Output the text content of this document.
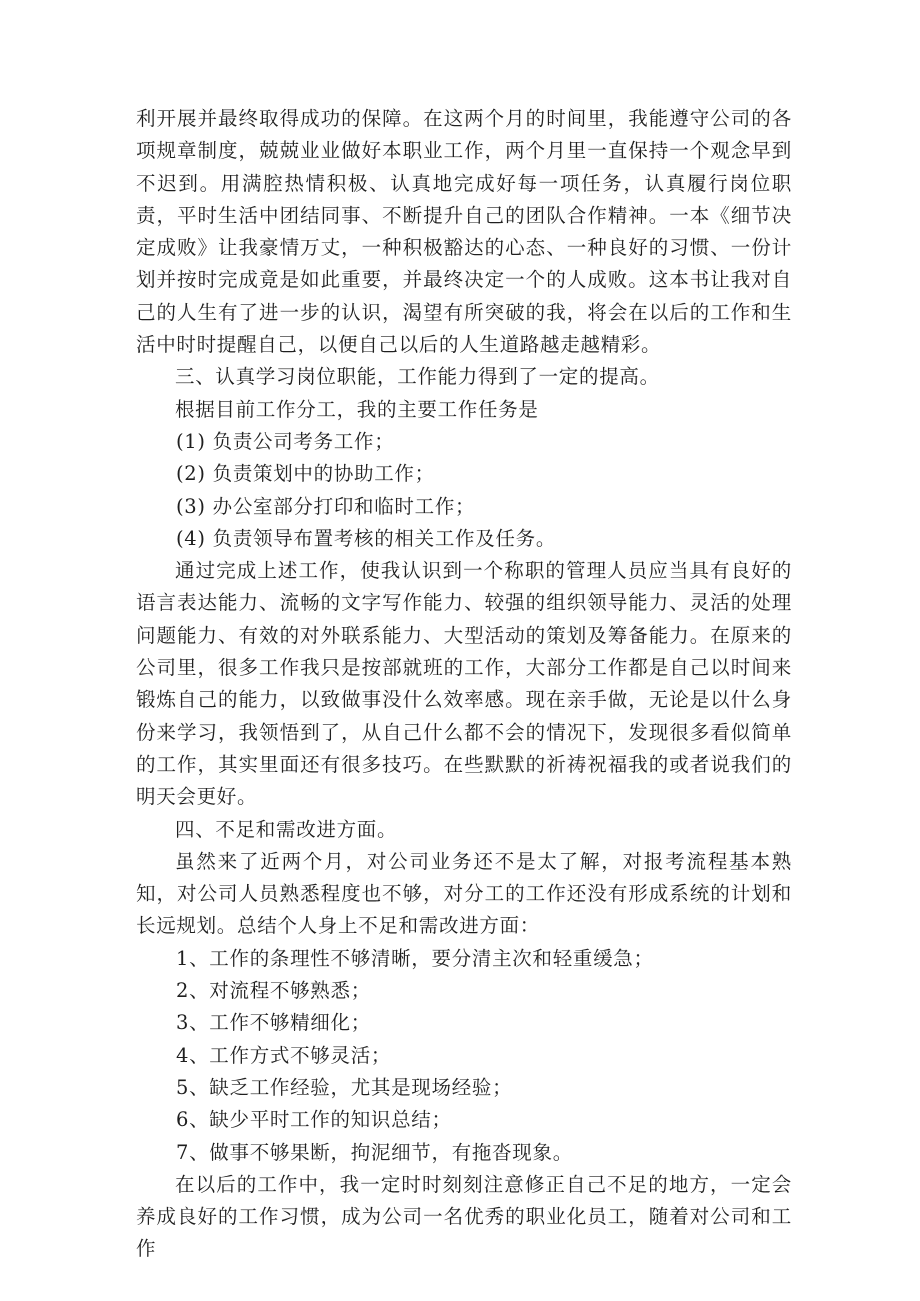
利开展并最终取得成功的保障。在这两个月的时间里，我能遵守公司的各项规章制度，兢兢业业做好本职业工作，两个月里一直保持一个观念早到不迟到。用满腔热情积极、认真地完成好每一项任务，认真履行岗位职责，平时生活中团结同事、不断提升自己的团队合作精神。一本《细节决定成败》让我豪情万丈，一种积极豁达的心态、一种良好的习惯、一份计划并按时完成竟是如此重要，并最终决定一个的人成败。这本书让我对自己的人生有了进一步的认识，渴望有所突破的我，将会在以后的工作和生活中时时提醒自己，以便自己以后的人生道路越走越精彩。

三、认真学习岗位职能，工作能力得到了一定的提高。

根据目前工作分工，我的主要工作任务是

(1) 负责公司考务工作；

(2) 负责策划中的协助工作；

(3) 办公室部分打印和临时工作；

(4) 负责领导布置考核的相关工作及任务。

通过完成上述工作，使我认识到一个称职的管理人员应当具有良好的语言表达能力、流畅的文字写作能力、较强的组织领导能力、灵活的处理问题能力、有效的对外联系能力、大型活动的策划及筹备能力。在原来的公司里，很多工作我只是按部就班的工作，大部分工作都是自己以时间来锻炼自己的能力，以致做事没什么效率感。现在亲手做，无论是以什么身份来学习，我领悟到了，从自己什么都不会的情况下，发现很多看似简单的工作，其实里面还有很多技巧。在些默默的祈祷祝福我的或者说我们的明天会更好。

四、不足和需改进方面。

虽然来了近两个月，对公司业务还不是太了解，对报考流程基本熟知，对公司人员熟悉程度也不够，对分工的工作还没有形成系统的计划和长远规划。总结个人身上不足和需改进方面：

1、工作的条理性不够清晰，要分清主次和轻重缓急；

2、对流程不够熟悉；

3、工作不够精细化；

4、工作方式不够灵活；

5、缺乏工作经验，尤其是现场经验；

6、缺少平时工作的知识总结；

7、做事不够果断，拘泥细节，有拖沓现象。

在以后的工作中，我一定时时刻刻注意修正自己不足的地方，一定会养成良好的工作习惯，成为公司一名优秀的职业化员工，随着对公司和工作
